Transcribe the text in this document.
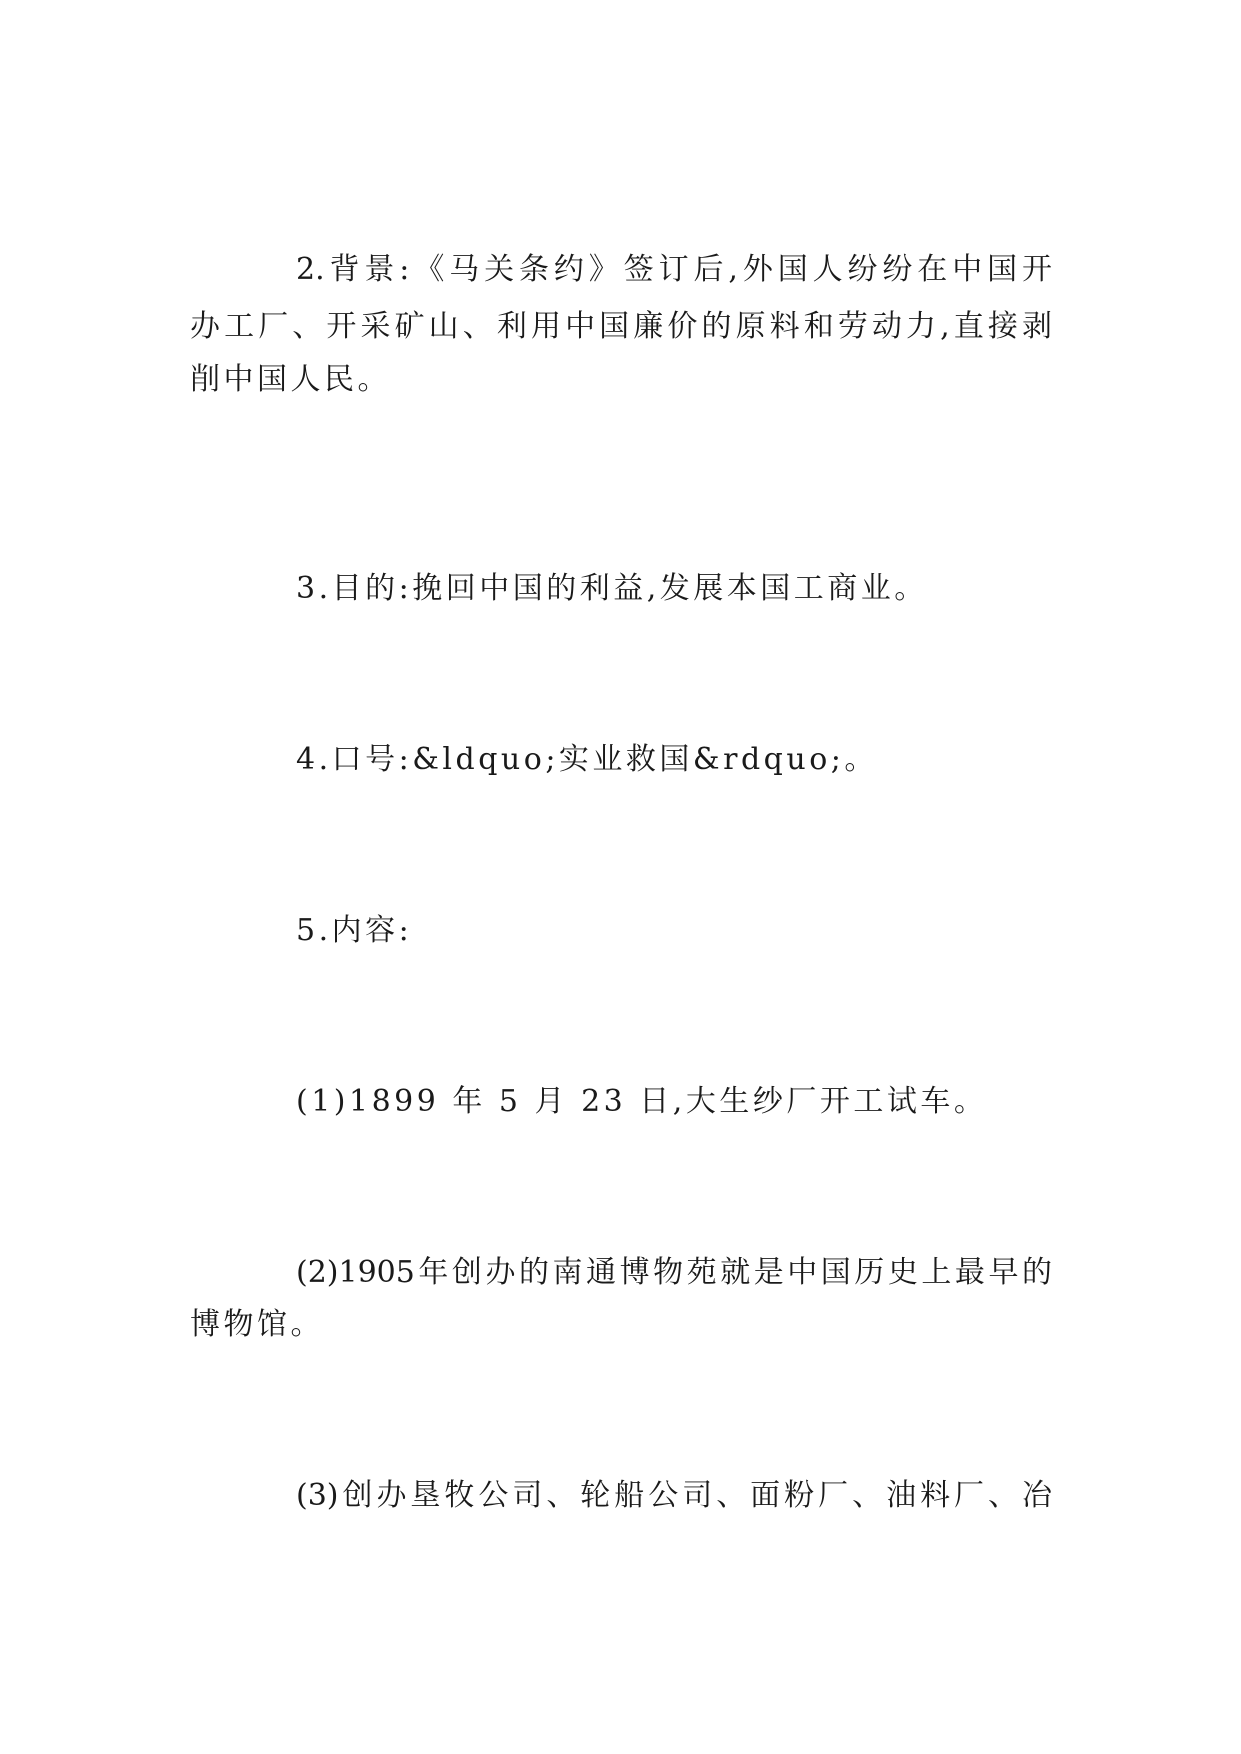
2.背景:《马关条约》签订后,外国人纷纷在中国开
办工厂、开采矿山、利用中国廉价的原料和劳动力,直接剥
削中国人民。
3.目的:挽回中国的利益,发展本国工商业。
4.口号:&ldquo;实业救国&rdquo;。
5.内容:
(1)1899 年 5 月 23 日,大生纱厂开工试车。
(2)1905年创办的南通博物苑就是中国历史上最早的
博物馆。
(3)创办垦牧公司、轮船公司、面粉厂、油料厂、冶
